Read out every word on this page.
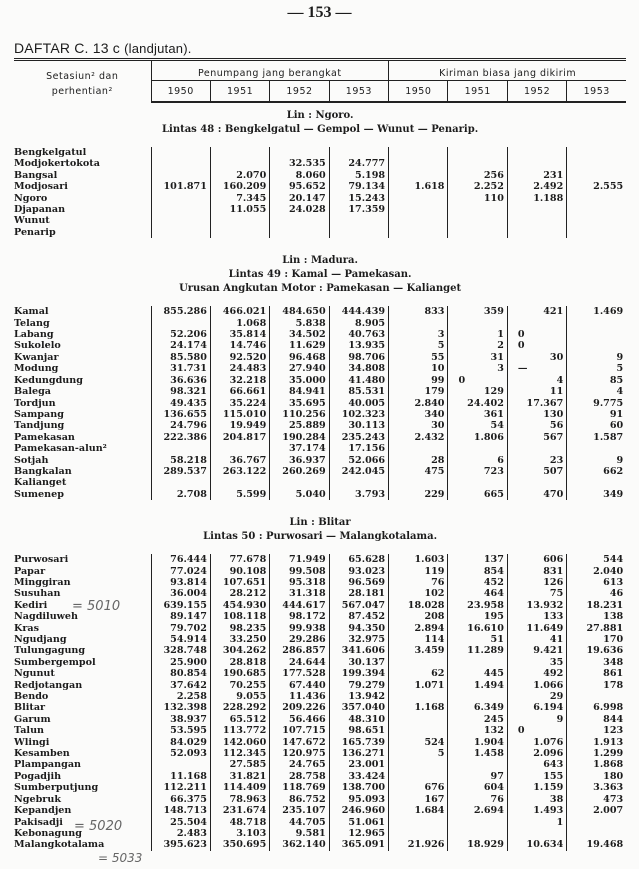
— 153 —
DAFTAR C. 13 c (landjutan).
Setasiun² dan
perhentian²	Penumpang jang berangkat				Kiriman biasa jang dikirim			
	1950	1951	1952	1953	1950	1951	1952	1953
Lin : Ngoro.								
Lintas 48 : Bengkelgatul — Gempol — Wunut — Penarip.								

Bengkelgatul								
Modjokertokota			32.535	24.777				
Bangsal		2.070	8.060	5.198		256	231	
Modjosari	101.871	160.209	95.652	79.134	1.618	2.252	2.492	2.555
Ngoro		7.345	20.147	15.243		110	1.188	
Djapanan		11.055	24.028	17.359				
Wunut								
Penarip								

Lin : Madura.								
Lintas 49 : Kamal — Pamekasan.								
Urusan Angkutan Motor : Pamekasan — Kalianget								

Kamal	855.286	466.021	484.650	444.439	833	359	421	1.469
Telang		1.068	5.838	8.905				
Labang	52.206	35.814	34.502	40.763	3	1	0	
Sukolelo	24.174	14.746	11.629	13.935	5	2	0	
Kwanjar	85.580	92.520	96.468	98.706	55	31	30	9
Modung	31.731	24.483	27.940	34.808	10	3	—	5
Kedungdung	36.636	32.218	35.000	41.480	99	0	4	85
Balega	98.321	66.661	84.941	85.531	179	129	11	4
Tordjun	49.435	35.224	35.695	40.005	2.840	24.402	17.367	9.775
Sampang	136.655	115.010	110.256	102.323	340	361	130	91
Tandjung	24.796	19.949	25.889	30.113	30	54	56	60
Pamekasan	222.386	204.817	190.284	235.243	2.432	1.806	567	1.587
Pamekasan-alun²			37.174	17.156				
Sotjah	58.218	36.767	36.937	52.066	28	6	23	9
Bangkalan	289.537	263.122	260.269	242.045	475	723	507	662
Kalianget								
Sumenep	2.708	5.599	5.040	3.793	229	665	470	349

Lin : Blitar								
Lintas 50 : Purwosari — Malangkotalama.								

Purwosari	76.444	77.678	71.949	65.628	1.603	137	606	544
Papar	77.024	90.108	99.508	93.023	119	854	831	2.040
Minggiran	93.814	107.651	95.318	96.569	76	452	126	613
Susuhan	36.004	28.212	31.318	28.181	102	464	75	46
Kediri	639.155	454.930	444.617	567.047	18.028	23.958	13.932	18.231
Nagdiluweh	89.147	108.118	98.172	87.452	208	195	133	138
Kras	79.702	98.235	99.938	94.350	2.894	16.610	11.649	27.881
Ngudjang	54.914	33.250	29.286	32.975	114	51	41	170
Tulungagung	328.748	304.262	286.857	341.606	3.459	11.289	9.421	19.636
Sumbergempol	25.900	28.818	24.644	30.137			35	348
Ngunut	80.854	190.685	177.528	199.394	62	445	492	861
Redjotangan	37.642	70.255	67.440	79.279	1.071	1.494	1.066	178
Bendo	2.258	9.055	11.436	13.942			29	
Blitar	132.398	228.292	209.226	357.040	1.168	6.349	6.194	6.998
Garum	38.937	65.512	56.466	48.310		245	9	844
Talun	53.595	113.772	107.715	98.651		132	0	123
Wlingi	84.029	142.060	147.672	165.739	524	1.904	1.076	1.913
Kesamben	52.093	112.345	120.975	136.271	5	1.458	2.096	1.299
Plampangan		27.585	24.765	23.001			643	1.868
Pogadjih	11.168	31.821	28.758	33.424		97	155	180
Sumberputjung	112.211	114.409	118.769	138.700	676	604	1.159	3.363
Ngebruk	66.375	78.963	86.752	95.093	167	76	38	473
Kepandjen	148.713	231.674	235.107	246.960	1.684	2.694	1.493	2.007
Pakisadji	25.504	48.718	44.705	51.061			1	
Kebonagung	2.483	3.103	9.581	12.965				
Malangkotalama	395.623	350.695	362.140	365.091	21.926	18.929	10.634	19.468

= 5010
= 5020
= 5033
